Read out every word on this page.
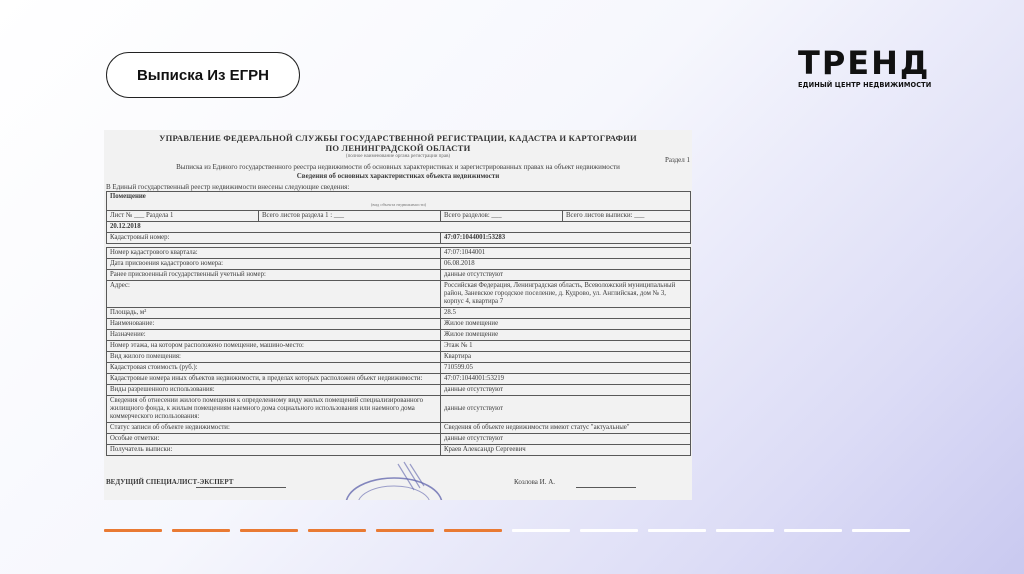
Выписка Из ЕГРН	ТРЕНД
ЕДИНЫЙ ЦЕНТР НЕДВИЖИМОСТИ
УПРАВЛЕНИЕ ФЕДЕРАЛЬНОЙ СЛУЖБЫ ГОСУДАРСТВЕННОЙ РЕГИСТРАЦИИ, КАДАСТРА И КАРТОГРАФИИ ПО ЛЕНИНГРАДСКОЙ ОБЛАСТИ
(полное наименование органа регистрации прав)	Раздел 1
Выписка из Единого государственного реестра недвижимости об основных характеристиках и зарегистрированных правах на объект недвижимости
Сведения об основных характеристиках объекта недвижимости
В Единый государственный реестр недвижимости внесены следующие сведения:
Помещение
(вид объекта недвижимости)			

Лист № ___ Раздела 1	Всего листов раздела 1 : ___	Всего разделов: ___	Всего листов выписки: ___
20.12.2018			
Кадастровый номер:		47:07:1044001:53283	

Номер кадастрового квартала:		47:07:1044001	
Дата присвоения кадастрового номера:		06.08.2018	
Ранее присвоенный государственный учетный номер:		данные отсутствуют	
Адрес:		Российская Федерация, Ленинградская область, Всеволожский муниципальный район, Заневское городское поселение, д. Кудрово, ул. Английская, дом № 3, корпус 4, квартира 7	
Площадь, м²		28.5	
Наименование:		Жилое помещение	
Назначение:		Жилое помещение	
Номер этажа, на котором расположено помещение, машино-место:		Этаж № 1	
Вид жилого помещения:		Квартира	
Кадастровая стоимость (руб.):		710599.05	
Кадастровые номера иных объектов недвижимости, в пределах которых расположен объект недвижимости:		47:07:1044001:53219	
Виды разрешенного использования:		данные отсутствуют	
Сведения об отнесении жилого помещения к определенному виду жилых помещений специализированного жилищного фонда, к жилым помещениям наемного дома социального использования или наемного дома коммерческого использования:		данные отсутствуют	
Статус записи об объекте недвижимости:		Сведения об объекте недвижимости имеют статус "актуальные"	
Особые отметки:		данные отсутствуют	
Получатель выписки:		Краев Александр Сергеевич	
М.П.
ВЕДУЩИЙ СПЕЦИАЛИСТ-ЭКСПЕРТ	Козлова И. А.
